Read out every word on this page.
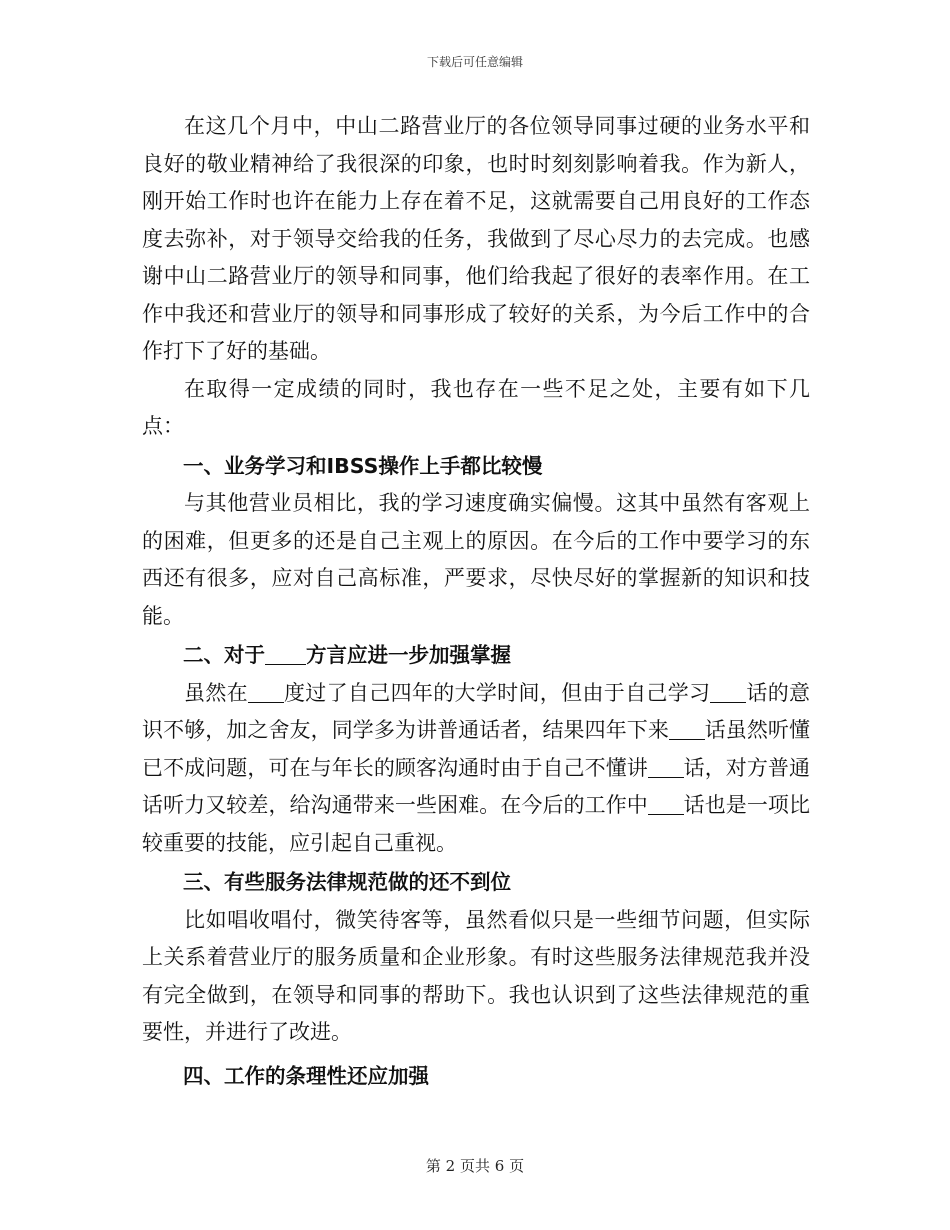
下载后可任意编辑

在这几个月中，中山二路营业厅的各位领导同事过硬的业务水平和良好的敬业精神给了我很深的印象，也时时刻刻影响着我。作为新人，刚开始工作时也许在能力上存在着不足，这就需要自己用良好的工作态度去弥补，对于领导交给我的任务，我做到了尽心尽力的去完成。也感谢中山二路营业厅的领导和同事，他们给我起了很好的表率作用。在工作中我还和营业厅的领导和同事形成了较好的关系，为今后工作中的合作打下了好的基础。

在取得一定成绩的同时，我也存在一些不足之处，主要有如下几点：

一、业务学习和IBSS操作上手都比较慢

与其他营业员相比，我的学习速度确实偏慢。这其中虽然有客观上的困难，但更多的还是自己主观上的原因。在今后的工作中要学习的东西还有很多，应对自己高标准，严要求，尽快尽好的掌握新的知识和技能。

二、对于 方言应进一步加强掌握

虽然在 度过了自己四年的大学时间，但由于自己学习 话的意识不够，加之舍友，同学多为讲普通话者，结果四年下来 话虽然听懂已不成问题，可在与年长的顾客沟通时由于自己不懂讲 话，对方普通话听力又较差，给沟通带来一些困难。在今后的工作中 话也是一项比较重要的技能，应引起自己重视。

三、有些服务法律规范做的还不到位

比如唱收唱付，微笑待客等，虽然看似只是一些细节问题，但实际上关系着营业厅的服务质量和企业形象。有时这些服务法律规范我并没有完全做到，在领导和同事的帮助下。我也认识到了这些法律规范的重要性，并进行了改进。

四、工作的条理性还应加强

第 2 页共 6 页
